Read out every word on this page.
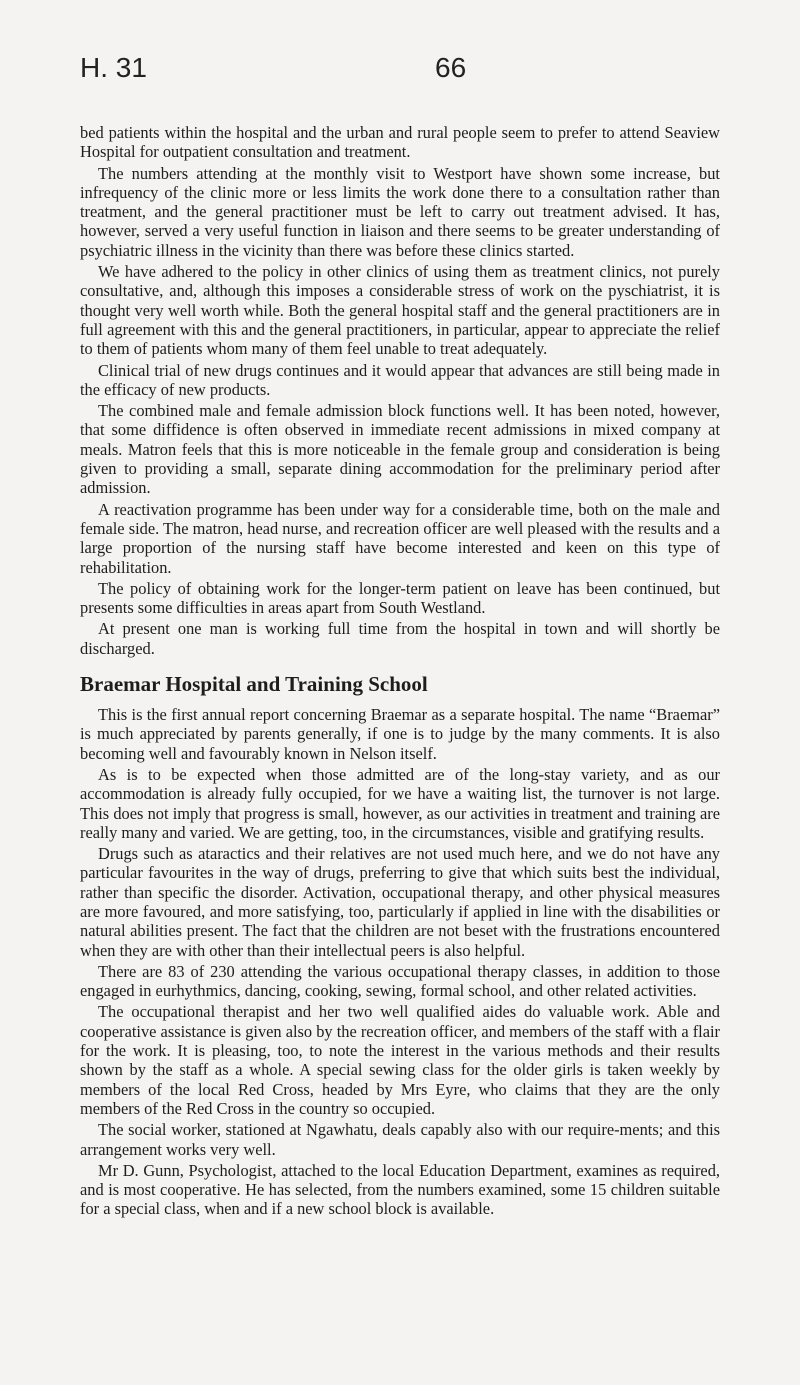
H. 31	66

bed patients within the hospital and the urban and rural people seem to prefer to attend Seaview Hospital for outpatient consultation and treatment.

The numbers attending at the monthly visit to Westport have shown some increase, but infrequency of the clinic more or less limits the work done there to a consultation rather than treatment, and the general practitioner must be left to carry out treatment advised. It has, however, served a very useful function in liaison and there seems to be greater understanding of psychiatric illness in the vicinity than there was before these clinics started.

We have adhered to the policy in other clinics of using them as treatment clinics, not purely consultative, and, although this imposes a considerable stress of work on the pyschiatrist, it is thought very well worth while. Both the general hospital staff and the general practitioners are in full agreement with this and the general practitioners, in particular, appear to appreciate the relief to them of patients whom many of them feel unable to treat adequately.

Clinical trial of new drugs continues and it would appear that advances are still being made in the efficacy of new products.

The combined male and female admission block functions well. It has been noted, however, that some diffidence is often observed in immediate recent admissions in mixed company at meals. Matron feels that this is more noticeable in the female group and consideration is being given to providing a small, separate dining accommodation for the preliminary period after admission.

A reactivation programme has been under way for a considerable time, both on the male and female side. The matron, head nurse, and recreation officer are well pleased with the results and a large proportion of the nursing staff have become interested and keen on this type of rehabilitation.

The policy of obtaining work for the longer-term patient on leave has been continued, but presents some difficulties in areas apart from South Westland.

At present one man is working full time from the hospital in town and will shortly be discharged.

Braemar Hospital and Training School

This is the first annual report concerning Braemar as a separate hospital. The name “Braemar” is much appreciated by parents generally, if one is to judge by the many comments. It is also becoming well and favourably known in Nelson itself.

As is to be expected when those admitted are of the long-stay variety, and as our accommodation is already fully occupied, for we have a waiting list, the turnover is not large. This does not imply that progress is small, however, as our activities in treatment and training are really many and varied. We are getting, too, in the circumstances, visible and gratifying results.

Drugs such as ataractics and their relatives are not used much here, and we do not have any particular favourites in the way of drugs, preferring to give that which suits best the individual, rather than specific the disorder. Activation, occupational therapy, and other physical measures are more favoured, and more satisfying, too, particularly if applied in line with the disabilities or natural abilities present. The fact that the children are not beset with the frustrations encountered when they are with other than their intellectual peers is also helpful.

There are 83 of 230 attending the various occupational therapy classes, in addition to those engaged in eurhythmics, dancing, cooking, sewing, formal school, and other related activities.

The occupational therapist and her two well qualified aides do valuable work. Able and cooperative assistance is given also by the recreation officer, and members of the staff with a flair for the work. It is pleasing, too, to note the interest in the various methods and their results shown by the staff as a whole. A special sewing class for the older girls is taken weekly by members of the local Red Cross, headed by Mrs Eyre, who claims that they are the only members of the Red Cross in the country so occupied.

The social worker, stationed at Ngawhatu, deals capably also with our require-ments; and this arrangement works very well.

Mr D. Gunn, Psychologist, attached to the local Education Department, examines as required, and is most cooperative. He has selected, from the numbers examined, some 15 children suitable for a special class, when and if a new school block is available.
